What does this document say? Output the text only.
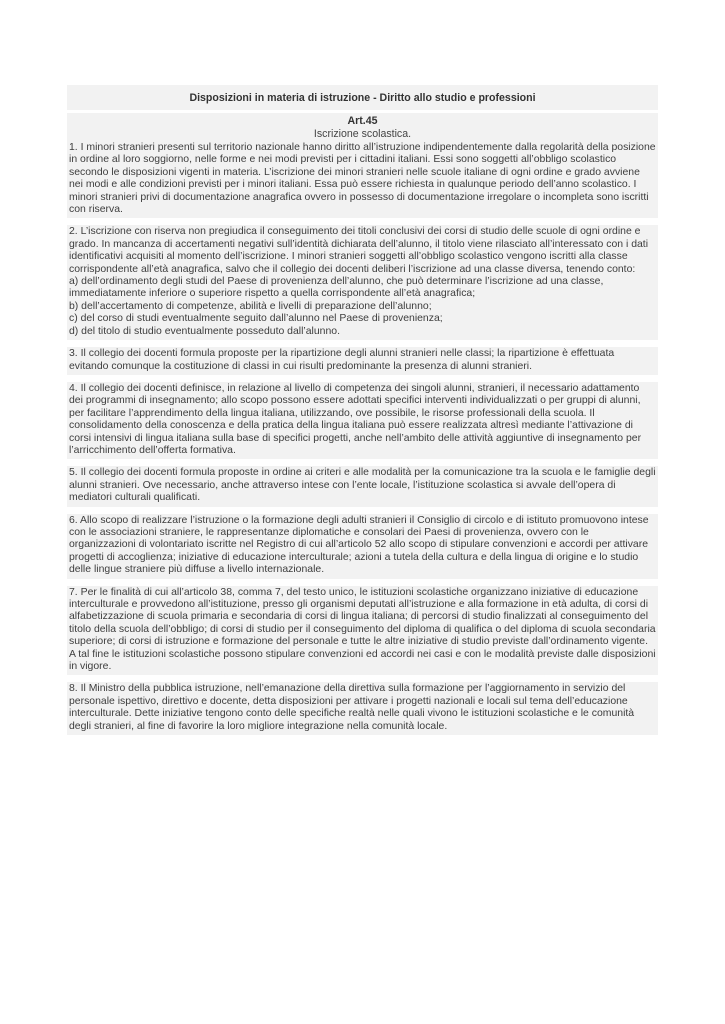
Disposizioni in materia di istruzione - Diritto allo studio e professioni
Art.45
Iscrizione scolastica.
1. I minori stranieri presenti sul territorio nazionale hanno diritto all’istruzione indipendentemente dalla regolarità della posizione in ordine al loro soggiorno, nelle forme e nei modi previsti per i cittadini italiani. Essi sono soggetti all’obbligo scolastico secondo le disposizioni vigenti in materia. L’iscrizione dei minori stranieri nelle scuole italiane di ogni ordine e grado avviene nei modi e alle condizioni previsti per i minori italiani. Essa può essere richiesta in qualunque periodo dell’anno scolastico. I minori stranieri privi di documentazione anagrafica ovvero in possesso di documentazione irregolare o incompleta sono iscritti con riserva.
2. L’iscrizione con riserva non pregiudica il conseguimento dei titoli conclusivi dei corsi di studio delle scuole di ogni ordine e grado. In mancanza di accertamenti negativi sull’identità dichiarata dell’alunno, il titolo viene rilasciato all’interessato con i dati identificativi acquisiti al momento dell’iscrizione. I minori stranieri soggetti all’obbligo scolastico vengono iscritti alla classe corrispondente all’età anagrafica, salvo che il collegio dei docenti deliberi l’iscrizione ad una classe diversa, tenendo conto:
a) dell’ordinamento degli studi del Paese di provenienza dell’alunno, che può determinare l’iscrizione ad una classe, immediatamente inferiore o superiore rispetto a quella corrispondente all’età anagrafica;
b) dell’accertamento di competenze, abilità e livelli di preparazione dell’alunno;
c) del corso di studi eventualmente seguito dall’alunno nel Paese di provenienza;
d) del titolo di studio eventualmente posseduto dall’alunno.
3. Il collegio dei docenti formula proposte per la ripartizione degli alunni stranieri nelle classi; la ripartizione è effettuata evitando comunque la costituzione di classi in cui risulti predominante la presenza di alunni stranieri.
4. Il collegio dei docenti definisce, in relazione al livello di competenza dei singoli alunni, stranieri, il necessario adattamento dei programmi di insegnamento; allo scopo possono essere adottati specifici interventi individualizzati o per gruppi di alunni, per facilitare l’apprendimento della lingua italiana, utilizzando, ove possibile, le risorse professionali della scuola. Il consolidamento della conoscenza e della pratica della lingua italiana può essere realizzata altresì mediante l’attivazione di corsi intensivi di lingua italiana sulla base di specifici progetti, anche nell’ambito delle attività aggiuntive di insegnamento per l’arricchimento dell’offerta formativa.
5. Il collegio dei docenti formula proposte in ordine ai criteri e alle modalità per la comunicazione tra la scuola e le famiglie degli alunni stranieri. Ove necessario, anche attraverso intese con l’ente locale, l’istituzione scolastica si avvale dell’opera di mediatori culturali qualificati.
6. Allo scopo di realizzare l’istruzione o la formazione degli adulti stranieri il Consiglio di circolo e di istituto promuovono intese con le associazioni straniere, le rappresentanze diplomatiche e consolari dei Paesi di provenienza, ovvero con le organizzazioni di volontariato iscritte nel Registro di cui all’articolo 52 allo scopo di stipulare convenzioni e accordi per attivare progetti di accoglienza; iniziative di educazione interculturale; azioni a tutela della cultura e della lingua di origine e lo studio delle lingue straniere più diffuse a livello internazionale.
7. Per le finalità di cui all’articolo 38, comma 7, del testo unico, le istituzioni scolastiche organizzano iniziative di educazione interculturale e provvedono all’istituzione, presso gli organismi deputati all’istruzione e alla formazione in età adulta, di corsi di alfabetizzazione di scuola primaria e secondaria di corsi di lingua italiana; di percorsi di studio finalizzati al conseguimento del titolo della scuola dell’obbligo; di corsi di studio per il conseguimento del diploma di qualifica o del diploma di scuola secondaria superiore; di corsi di istruzione e formazione del personale e tutte le altre iniziative di studio previste dall’ordinamento vigente. A tal fine le istituzioni scolastiche possono stipulare convenzioni ed accordi nei casi e con le modalità previste dalle disposizioni in vigore.
8. Il Ministro della pubblica istruzione, nell’emanazione della direttiva sulla formazione per l’aggiornamento in servizio del personale ispettivo, direttivo e docente, detta disposizioni per attivare i progetti nazionali e locali sul tema dell’educazione interculturale. Dette iniziative tengono conto delle specifiche realtà nelle quali vivono le istituzioni scolastiche e le comunità degli stranieri, al fine di favorire la loro migliore integrazione nella comunità locale.
